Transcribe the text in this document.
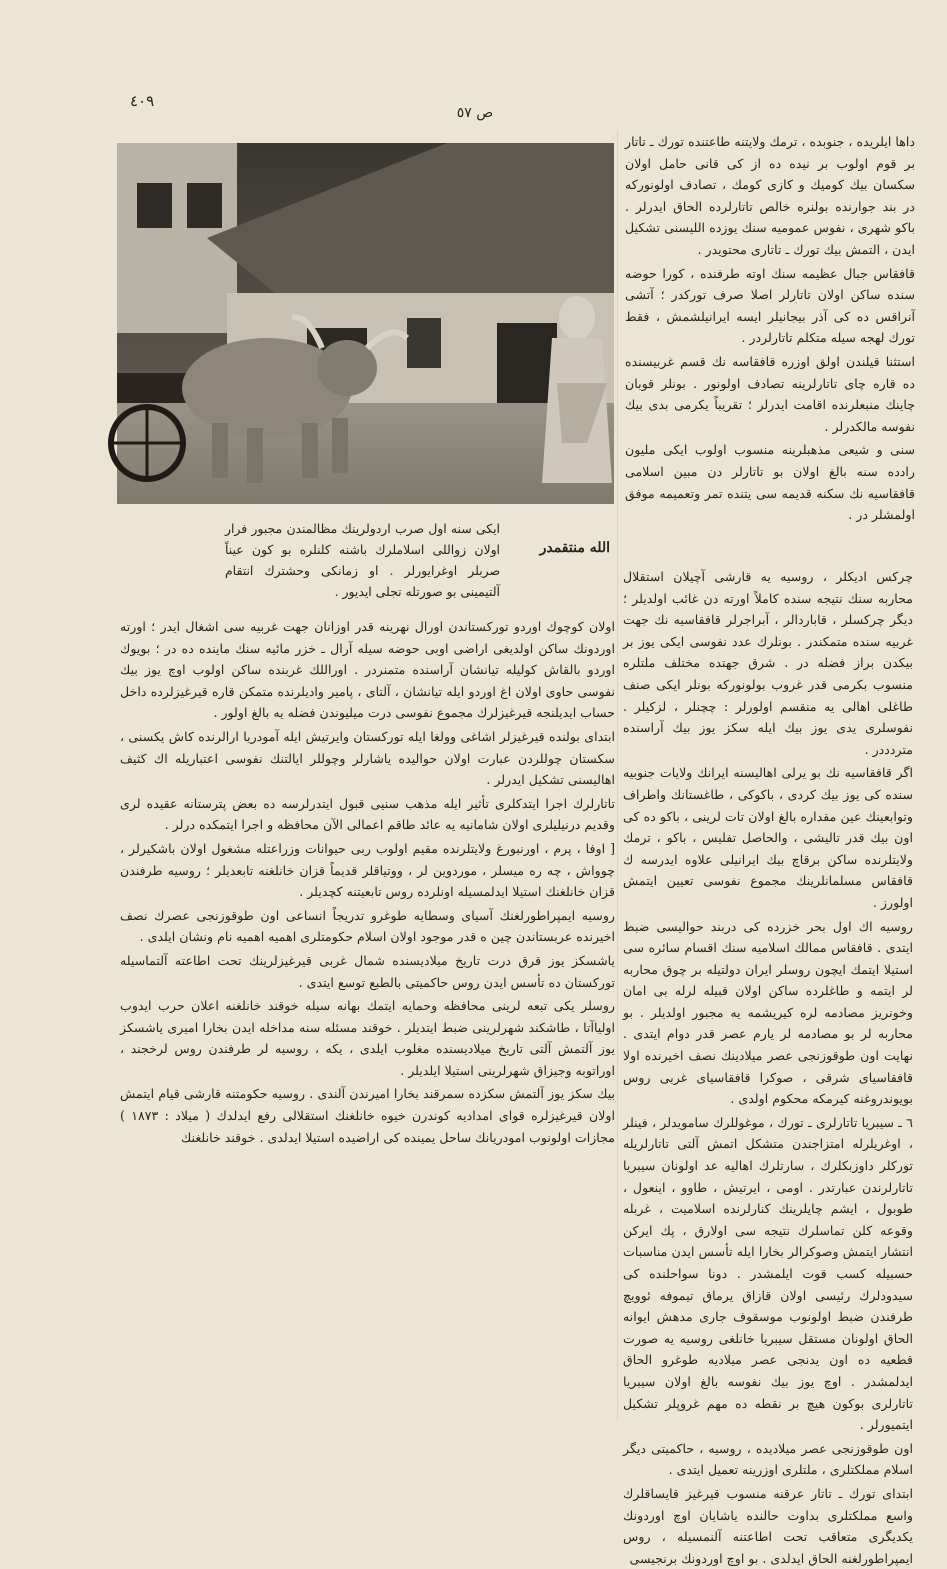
٤٠٩
ص ٥٧

داها ایلریده ، جنوبده ، ترمك ولایتنه طاعتنده تورك ـ تاتار بر قوم اولوب بر نیده ده از کی قانی حامل اولان سکسان بیك کومیك و کازی کومك ، تصادف اولونورکه در بند جوارنده بولنره خالص تاتارلرده الحاق ایدرلر . باکو شهری ، نفوس عمومیه سنك یوزده اللیسنی تشکیل ایدن ، التمش بیك تورك ـ تاتاری محتویدر .

قافقاس جبال عظیمه سنك اوته طرفنده ، کورا حوضه سنده ساکن اولان تاتارلر اصلا صرف تورکدر ؛ آتشی آنراقس ده کی آذر بیجانیلر ایسه ایرانیلشمش ، فقط تورك لهجه سیله متکلم تاتارلردر .

استثنا قیلندن اولق اوزره قافقاسه نك قسم غربیسنده ده قاره چای تاتارلرینه تصادف اولونور . بونلر قوبان چاینك منبعلرنده اقامت ایدرلر ؛ تقریباً یکرمی بدی بیك نفوسه مالکدرلر .

سنی و شیعی مذهبلرینه منسوب اولوب ایکی ملیون رادده سنه بالغ اولان بو تاتارلر دن مبین اسلامی قافقاسیه نك سکنه قدیمه سی یتنده تمر وتعمیمه موفق اولمشلر در .

الله منتقمدر
ایکی سنه اول صرب اردولرینك مظالمندن مجبور فرار اولان زواللی اسلاملرك باشنه کلنلره بو کون عیناً صربلر اوغرایورلر . او زمانکی وحشترك انتقام آلتیمینی بو صورتله تجلی ایدیور .

چرکس ادیکلر ، روسیه یه قارشی آچیلان استقلال محاربه سنك نتیجه سنده کاملاً اورته دن غائب اولدیلر ؛ دیگر چرکسلر ، قاباردالر ، آبراجرلر قافقاسیه نك جهت غربیه سنده متمکندر . بونلرك عدد نفوسی ایکی یوز بر بیکدن براز فضله در . شرق جهتده مختلف ملتلره منسوب بکرمی قدر غروب بولونورکه بونلر ایکی صنف طاغلی اهالی یه منقسم اولورلر : چچنلر ، لزکیلر . نفوسلری یدی یوز بیك ایله سکز یوز بیك آراسنده متردددر .

اگر قافقاسیه نك بو یرلی اهالیسنه ایرانك ولایات جنوبیه سنده کی یوز بیك کردی ، باکوکی ، طاغستانك واطراف وتوابعینك عین مقداره بالغ اولان تات لرینی ، باکو ده کی اون بیك قدر تالیشی ، والحاصل تفلیس ، باکو ، ترمك ولایتلرنده ساکن برقاچ بیك ایرانیلی علاوه ایدرسه ك قافقاس مسلمانلرینك مجموع نفوسی تعیین ایتمش اولورز .

روسیه اك اول بحر خزرده کی دربند حوالیسی ضبط ایتدی . قافقاس ممالك اسلامیه سنك اقسام سائره سی استیلا ایتمك ایچون روسلر ایران دولتیله بر چوق محاربه لر ایتمه و طاغلرده ساکن اولان قبیله لرله بی امان وخونریز مصادمه لره کیریشمه یه مجبور اولدیلر . بو محاربه لر بو مصادمه لر یارم عصر قدر دوام ایتدی . نهایت اون طوقوزنجی عصر میلادینك نصف اخیرنده اولا قافقاسیای شرقی ، صوکرا قافقاسیای غربی روس بویوندروغنه کیرمکه محکوم اولدی .

٦ ـ سیبریا تاتارلری ـ تورك ، موغوللرك سامویدلر ، فینلر ، اوغریلرله امتزاجندن متشکل اتمش آلتی تاتارلریله تورکلر داوزبکلرك ، سارتلرك اهالیه عد اولونان سیبریا تاتارلرندن عبارتدر . اومی ، ایرتیش ، طاوو ، اینعول ، طوبول ، ایشم چایلرینك کنارلرنده اسلامیت ، غربله وقوعه کلن تماسلرك نتیجه سی اولارق ، پك ایرکن انتشار ایتمش وصوکرالر بخارا ایله تأسس ایدن مناسبات حسبیله کسب قوت ایلمشدر . دونا سواحلنده کی سیدودلرك رئیسی اولان قازاق یرماق تیموفه ئوویچ طرفندن ضبط اولونوب موسقوف جاری مدهش ایوانه الحاق اولونان مستقل سیبریا خانلغی روسیه یه صورت قطعیه ده اون یدنجی عصر میلادیه طوغرو الحاق ایدلمشدر . اوچ یوز بیك نفوسه بالغ اولان سیبریا تاتارلری بوکون هیچ بر نقطه ده مهم غروپلر تشکیل ایتمیورلر .

اون طوقوزنجی عصر میلادیده ، روسیه ، حاکمیتی دیگر اسلام مملکتلری ، ملتلری اوزرینه تعمیل ایتدی .

ابتدای تورك ـ تاتار عرقنه منسوب قیرغیز قایساقلرك واسع مملکتلری بداوت حالنده یاشایان اوچ اوردونك یکدیگری متعاقب تحت اطاعتنه آلنمسیله ، روس ایمپراطورلغنه الحاق ایدلدی . بو اوچ اوردونك برنجیسی

اولان کوچوك اوردو تورکستاندن اورال نهرینه قدر اوزانان جهت غربیه سی اشغال ایدر ؛ اورته اوردونك ساکن اولدیغی اراضی اوبی حوضه سیله آرال ـ خزر مائیه سنك ماینده ده در ؛ بویوك اوردو بالقاش کولیله تیانشان آراسنده متمنردر . اوراللك غربنده ساکن اولوب اوچ یوز بیك نفوسی حاوی اولان اغ اوردو ایله تیانشان ، آلتای ، پامیر وادیلرنده متمکن قاره قیرغیزلرده داخل حساب ایدیلنجه قیرغیزلرك مجموع نفوسی درت میلیوندن فضله یه بالغ اولور .

ابتدای بولنده قیرغیزلر اشاغی وولغا ایله تورکستان وایرتیش ایله آمودریا ارالرنده کاش یکسنی ، سکستان چوللردن عبارت اولان حوالیده یاشارلر وچوللر ایالتنك نفوسی اعتباریله اك کثیف اهالیسنی تشکیل ایدرلر .

تاتارلرك اجرا ایتدکلری تأثیر ایله مذهب سنیی قبول ایتدرلرسه ده بعض پترستانه عقیده لری وقدیم درنیلیلری اولان شامانیه یه عائد طاقم اعمالی الآن محافظه و اجرا ایتمکده درلر .

[ اوفا ، پرم ، اورنبورغ ولایتلرنده مقیم اولوب ربی حیوانات وزراعتله مشغول اولان باشکیرلر ، چوواش ، چه ره میسلر ، موردوین لر ، ووتیاقلر قدیماً قزان خانلغنه تابعدیلر ؛ روسیه طرفندن قزان خانلغنك استیلا ایدلمسیله اونلرده روس تابعیتنه کچدیلر .

روسیه ایمپراطورلغنك آسیای وسطایه طوغرو تدریجاً انساعی اون طوقوزنجی عصرك نصف اخیرنده عربستاندن چین ه قدر موجود اولان اسلام حکومتلری اهمیه اهمیه نام ونشان ایلدی .

یاشسکز یوز قرق درت تاریخ میلادیسنده شمال غربی قیرغیزلرینك تحت اطاعته آلتماسیله تورکستان ده تأسس ایدن روس حاکمیتی بالطبع توسع ایتدی .

روسلر یکی تبعه لرینی محافظه وحمایه ایتمك بهانه سیله خوقند خانلغنه اعلان حرب ایدوب اولیاآتا ، طاشکند شهرلرینی ضبط ایتدیلر . خوقند مسئله سنه مداخله ایدن بخارا امیری یاشسکز یوز آلتمش آلتی تاریخ میلادیسنده مغلوب ایلدی ، یکه ، روسیه لر طرفندن روس لرخجند ، اوراتوبه وجیزاق شهرلرینی استیلا ایلدیلر .

بیك سکز یوز آلتمش سکزده سمرقند بخارا امیرندن آلندی . روسیه حکومتنه قارشی قیام ایتمش اولان قیرغیزلره قوای امدادیه کوندرن خیوه خانلغنك استقلالی رفع ایدلدك ( میلاد : ١٨٧٣ ) مجازات اولونوب امودریانك ساحل یمینده کی اراضیده استیلا ایدلدی . خوقند خانلغنك
